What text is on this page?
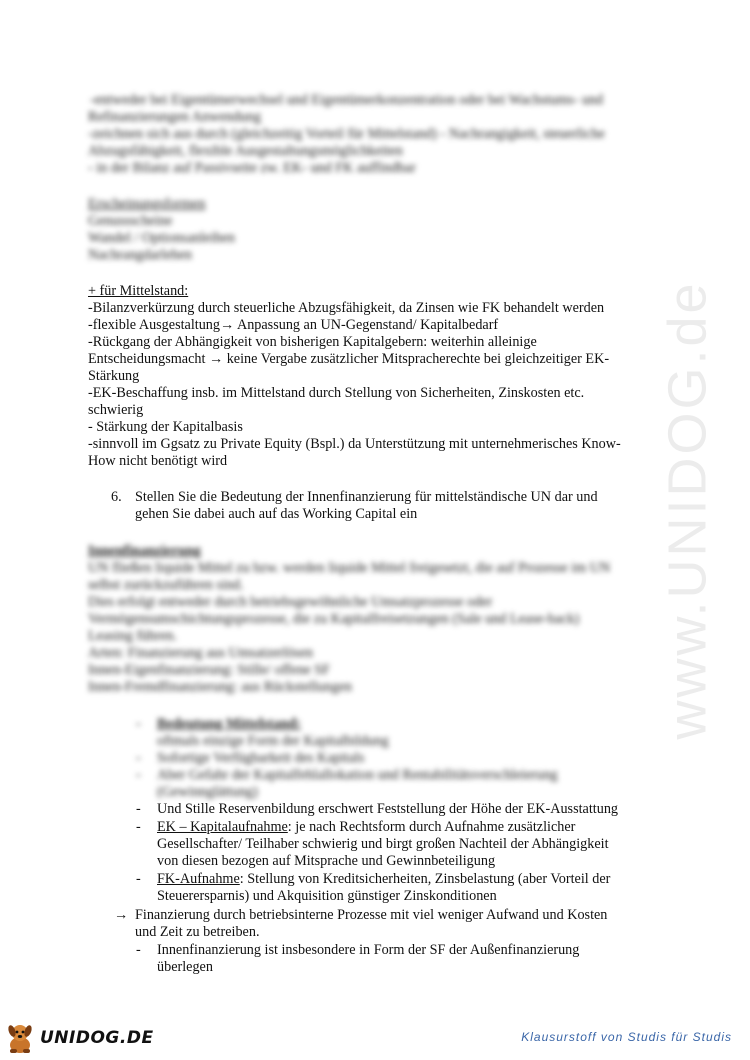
www.UNIDOG.de
-entweder bei Eigentümerwechsel und Eigentümerkonzentration oder bei Wachstums- und
Refinanzierungen Anwendung
-zeichnen sich aus durch (gleichzeitig Vorteil für Mittelstand) - Nachrangigkeit, steuerliche
Abzugsfähigkeit, flexible Ausgestaltungsmöglichkeiten
- in der Bilanz auf Passivseite zw. EK- und FK auffindbar
Erscheinungsformen
Genussscheine
Wandel / Optionsanleihen
Nachrangdarlehen
+ für Mittelstand:
-Bilanzverkürzung durch steuerliche Abzugsfähigkeit, da Zinsen wie FK behandelt werden
-flexible Ausgestaltung→ Anpassung an UN-Gegenstand/ Kapitalbedarf
-Rückgang der Abhängigkeit von bisherigen Kapitalgebern: weiterhin alleinige
Entscheidungsmacht → keine Vergabe zusätzlicher Mitspracherechte bei gleichzeitiger EK-
Stärkung
-EK-Beschaffung insb. im Mittelstand durch Stellung von Sicherheiten, Zinskosten etc.
schwierig
- Stärkung der Kapitalbasis
-sinnvoll im Ggsatz zu Private Equity (Bspl.) da Unterstützung mit unternehmerisches Know-
How nicht benötigt wird
6. Stellen Sie die Bedeutung der Innenfinanzierung für mittelständische UN dar und
gehen Sie dabei auch auf das Working Capital ein
Innenfinanzierung
UN fließen liquide Mittel zu bzw. werden liquide Mittel freigesetzt, die auf Prozesse im UN
selbst zurückzuführen sind.
Dies erfolgt entweder durch betriebsgewöhnliche Umsatzprozesse oder
Vermögensumschichtungsprozesse, die zu Kapitalfreisetzungen (Sale und Lease-back)
Leasing führen.
Arten: Finanzierung aus Umsatzerlösen
Innen-Eigenfinanzierung: Stille/ offene SF
Innen-Fremdfinanzierung: aus Rückstellungen
- Bedeutung Mittelstand:
oftmals einzige Form der Kapitalbildung
- Sofortige Verfügbarkeit des Kapitals
- Aber Gefahr der Kapitalfehlallokation und Rentabilitätsverschleierung
(Gewinnglättung)
- Und Stille Reservenbildung erschwert Feststellung der Höhe der EK-Ausstattung
- EK – Kapitalaufnahme: je nach Rechtsform durch Aufnahme zusätzlicher
Gesellschafter/ Teilhaber schwierig und birgt großen Nachteil der Abhängigkeit
von diesen bezogen auf Mitsprache und Gewinnbeteiligung
- FK-Aufnahme: Stellung von Kreditsicherheiten, Zinsbelastung (aber Vorteil der
Steuerersparnis) und Akquisition günstiger Zinskonditionen
→ Finanzierung durch betriebsinterne Prozesse mit viel weniger Aufwand und Kosten
und Zeit zu betreiben.
- Innenfinanzierung ist insbesondere in Form der SF der Außenfinanzierung
überlegen
UNIDOG.DE	Klausurstoff von Studis für Studis
